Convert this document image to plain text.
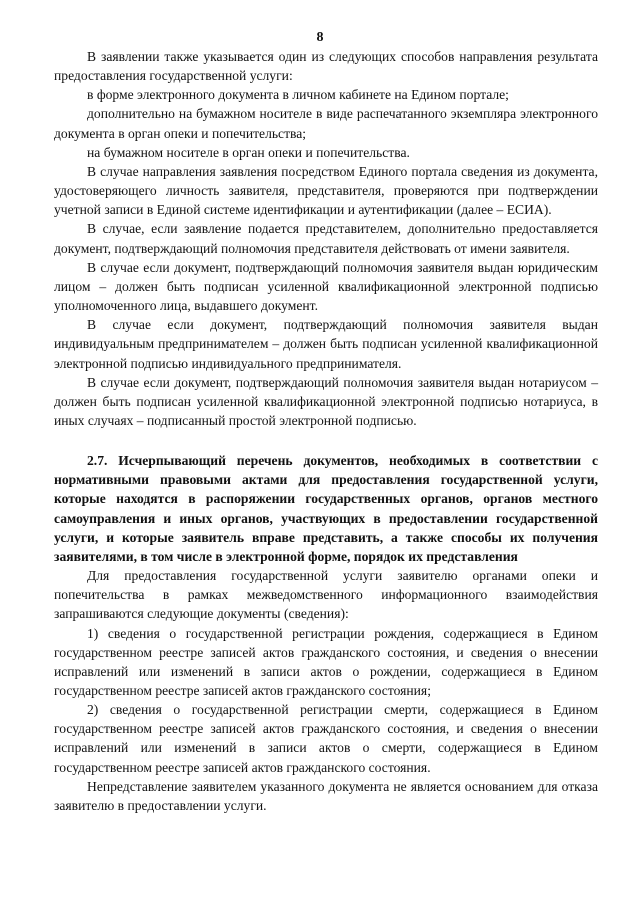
8

В заявлении также указывается один из следующих способов направления результата предоставления государственной услуги:

в форме электронного документа в личном кабинете на Едином портале;

дополнительно на бумажном носителе в виде распечатанного экземпляра электронного документа в орган опеки и попечительства;

на бумажном носителе в орган опеки и попечительства.

В случае направления заявления посредством Единого портала сведения из документа, удостоверяющего личность заявителя, представителя, проверяются при подтверждении учетной записи в Единой системе идентификации и аутентификации (далее – ЕСИА).

В случае, если заявление подается представителем, дополнительно предоставляется документ, подтверждающий полномочия представителя действовать от имени заявителя.

В случае если документ, подтверждающий полномочия заявителя выдан юридическим лицом – должен быть подписан усиленной квалификационной электронной подписью уполномоченного лица, выдавшего документ.

В случае если документ, подтверждающий полномочия заявителя выдан индивидуальным предпринимателем – должен быть подписан усиленной квалификационной электронной подписью индивидуального предпринимателя.

В случае если документ, подтверждающий полномочия заявителя выдан нотариусом – должен быть подписан усиленной квалификационной электронной подписью нотариуса, в иных случаях – подписанный простой электронной подписью.

2.7. Исчерпывающий перечень документов, необходимых в соответствии с нормативными правовыми актами для предоставления государственной услуги, которые находятся в распоряжении государственных органов, органов местного самоуправления и иных органов, участвующих в предоставлении государственной услуги, и которые заявитель вправе представить, а также способы их получения заявителями, в том числе в электронной форме, порядок их представления

Для предоставления государственной услуги заявителю органами опеки и попечительства в рамках межведомственного информационного взаимодействия запрашиваются следующие документы (сведения):

1) сведения о государственной регистрации рождения, содержащиеся в Едином государственном реестре записей актов гражданского состояния, и сведения о внесении исправлений или изменений в записи актов о рождении, содержащиеся в Едином государственном реестре записей актов гражданского состояния;

2) сведения о государственной регистрации смерти, содержащиеся в Едином государственном реестре записей актов гражданского состояния, и сведения о внесении исправлений или изменений в записи актов о смерти, содержащиеся в Едином государственном реестре записей актов гражданского состояния.

Непредставление заявителем указанного документа не является основанием для отказа заявителю в предоставлении услуги.
